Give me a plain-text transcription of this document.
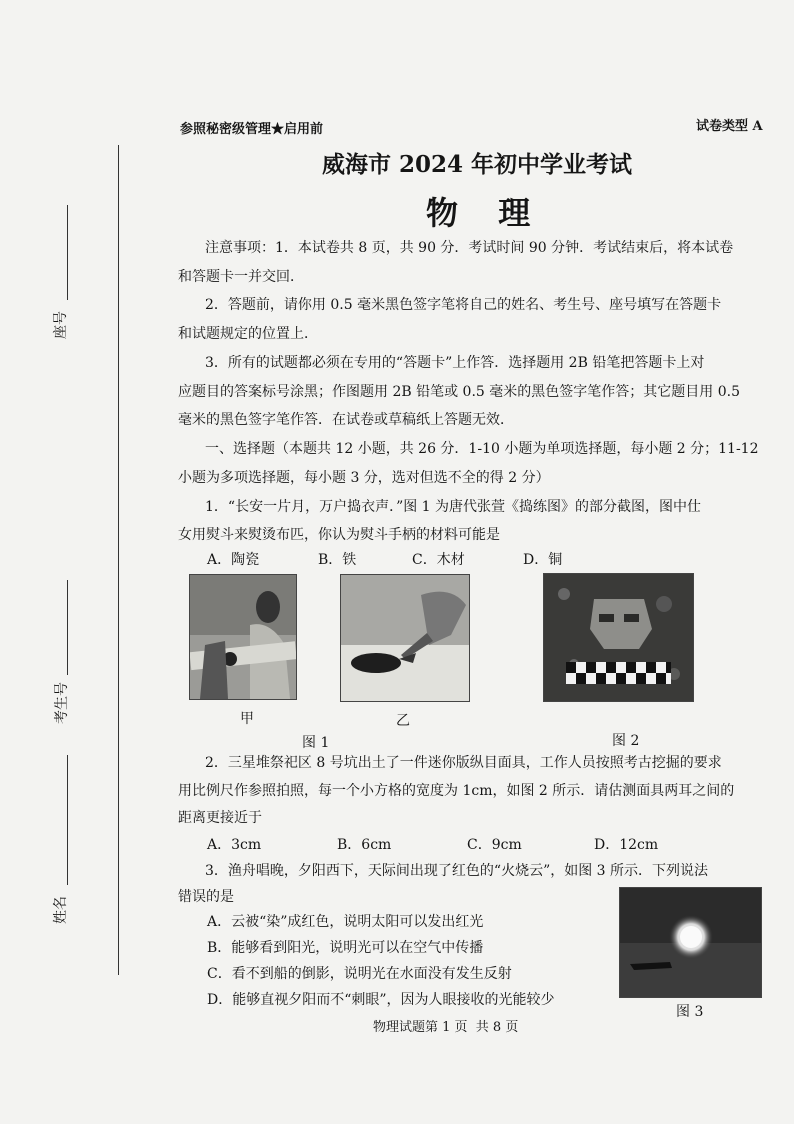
参照秘密级管理★启用前	试卷类型 A
威海市 2024 年初中学业考试
物  理
座号
考生号
姓名
注意事项：1．本试卷共 8 页，共 90 分．考试时间 90 分钟．考试结束后，将本试卷
和答题卡一并交回．
2．答题前，请你用 0.5 毫米黑色签字笔将自己的姓名、考生号、座号填写在答题卡
和试题规定的位置上．
3．所有的试题都必须在专用的“答题卡”上作答．选择题用 2B 铅笔把答题卡上对
应题目的答案标号涂黑；作图题用 2B 铅笔或 0.5 毫米的黑色签字笔作答；其它题目用 0.5
毫米的黑色签字笔作答．在试卷或草稿纸上答题无效．
一、选择题（本题共 12 小题，共 26 分．1-10 小题为单项选择题，每小题 2 分；11-12
小题为多项选择题，每小题 3 分，选对但选不全的得 2 分）
1．“长安一片月，万户捣衣声．”图 1 为唐代张萱《捣练图》的部分截图，图中仕
女用熨斗来熨烫布匹，你认为熨斗手柄的材料可能是
A．陶瓷	B．铁	C．木材	D．铜
甲	乙
图 1	图 2
2．三星堆祭祀区 8 号坑出土了一件迷你版纵目面具，工作人员按照考古挖掘的要求
用比例尺作参照拍照，每一个小方格的宽度为 1cm，如图 2 所示．请估测面具两耳之间的
距离更接近于
A．3cm	B．6cm	C．9cm	D．12cm
3．渔舟唱晚，夕阳西下，天际间出现了红色的“火烧云”，如图 3 所示．下列说法
错误的是
A．云被“染”成红色，说明太阳可以发出红光
B．能够看到阳光，说明光可以在空气中传播
C．看不到船的倒影，说明光在水面没有发生反射
D．能够直视夕阳而不“刺眼”，因为人眼接收的光能较少
图 3
物理试题第 1 页  共 8 页
